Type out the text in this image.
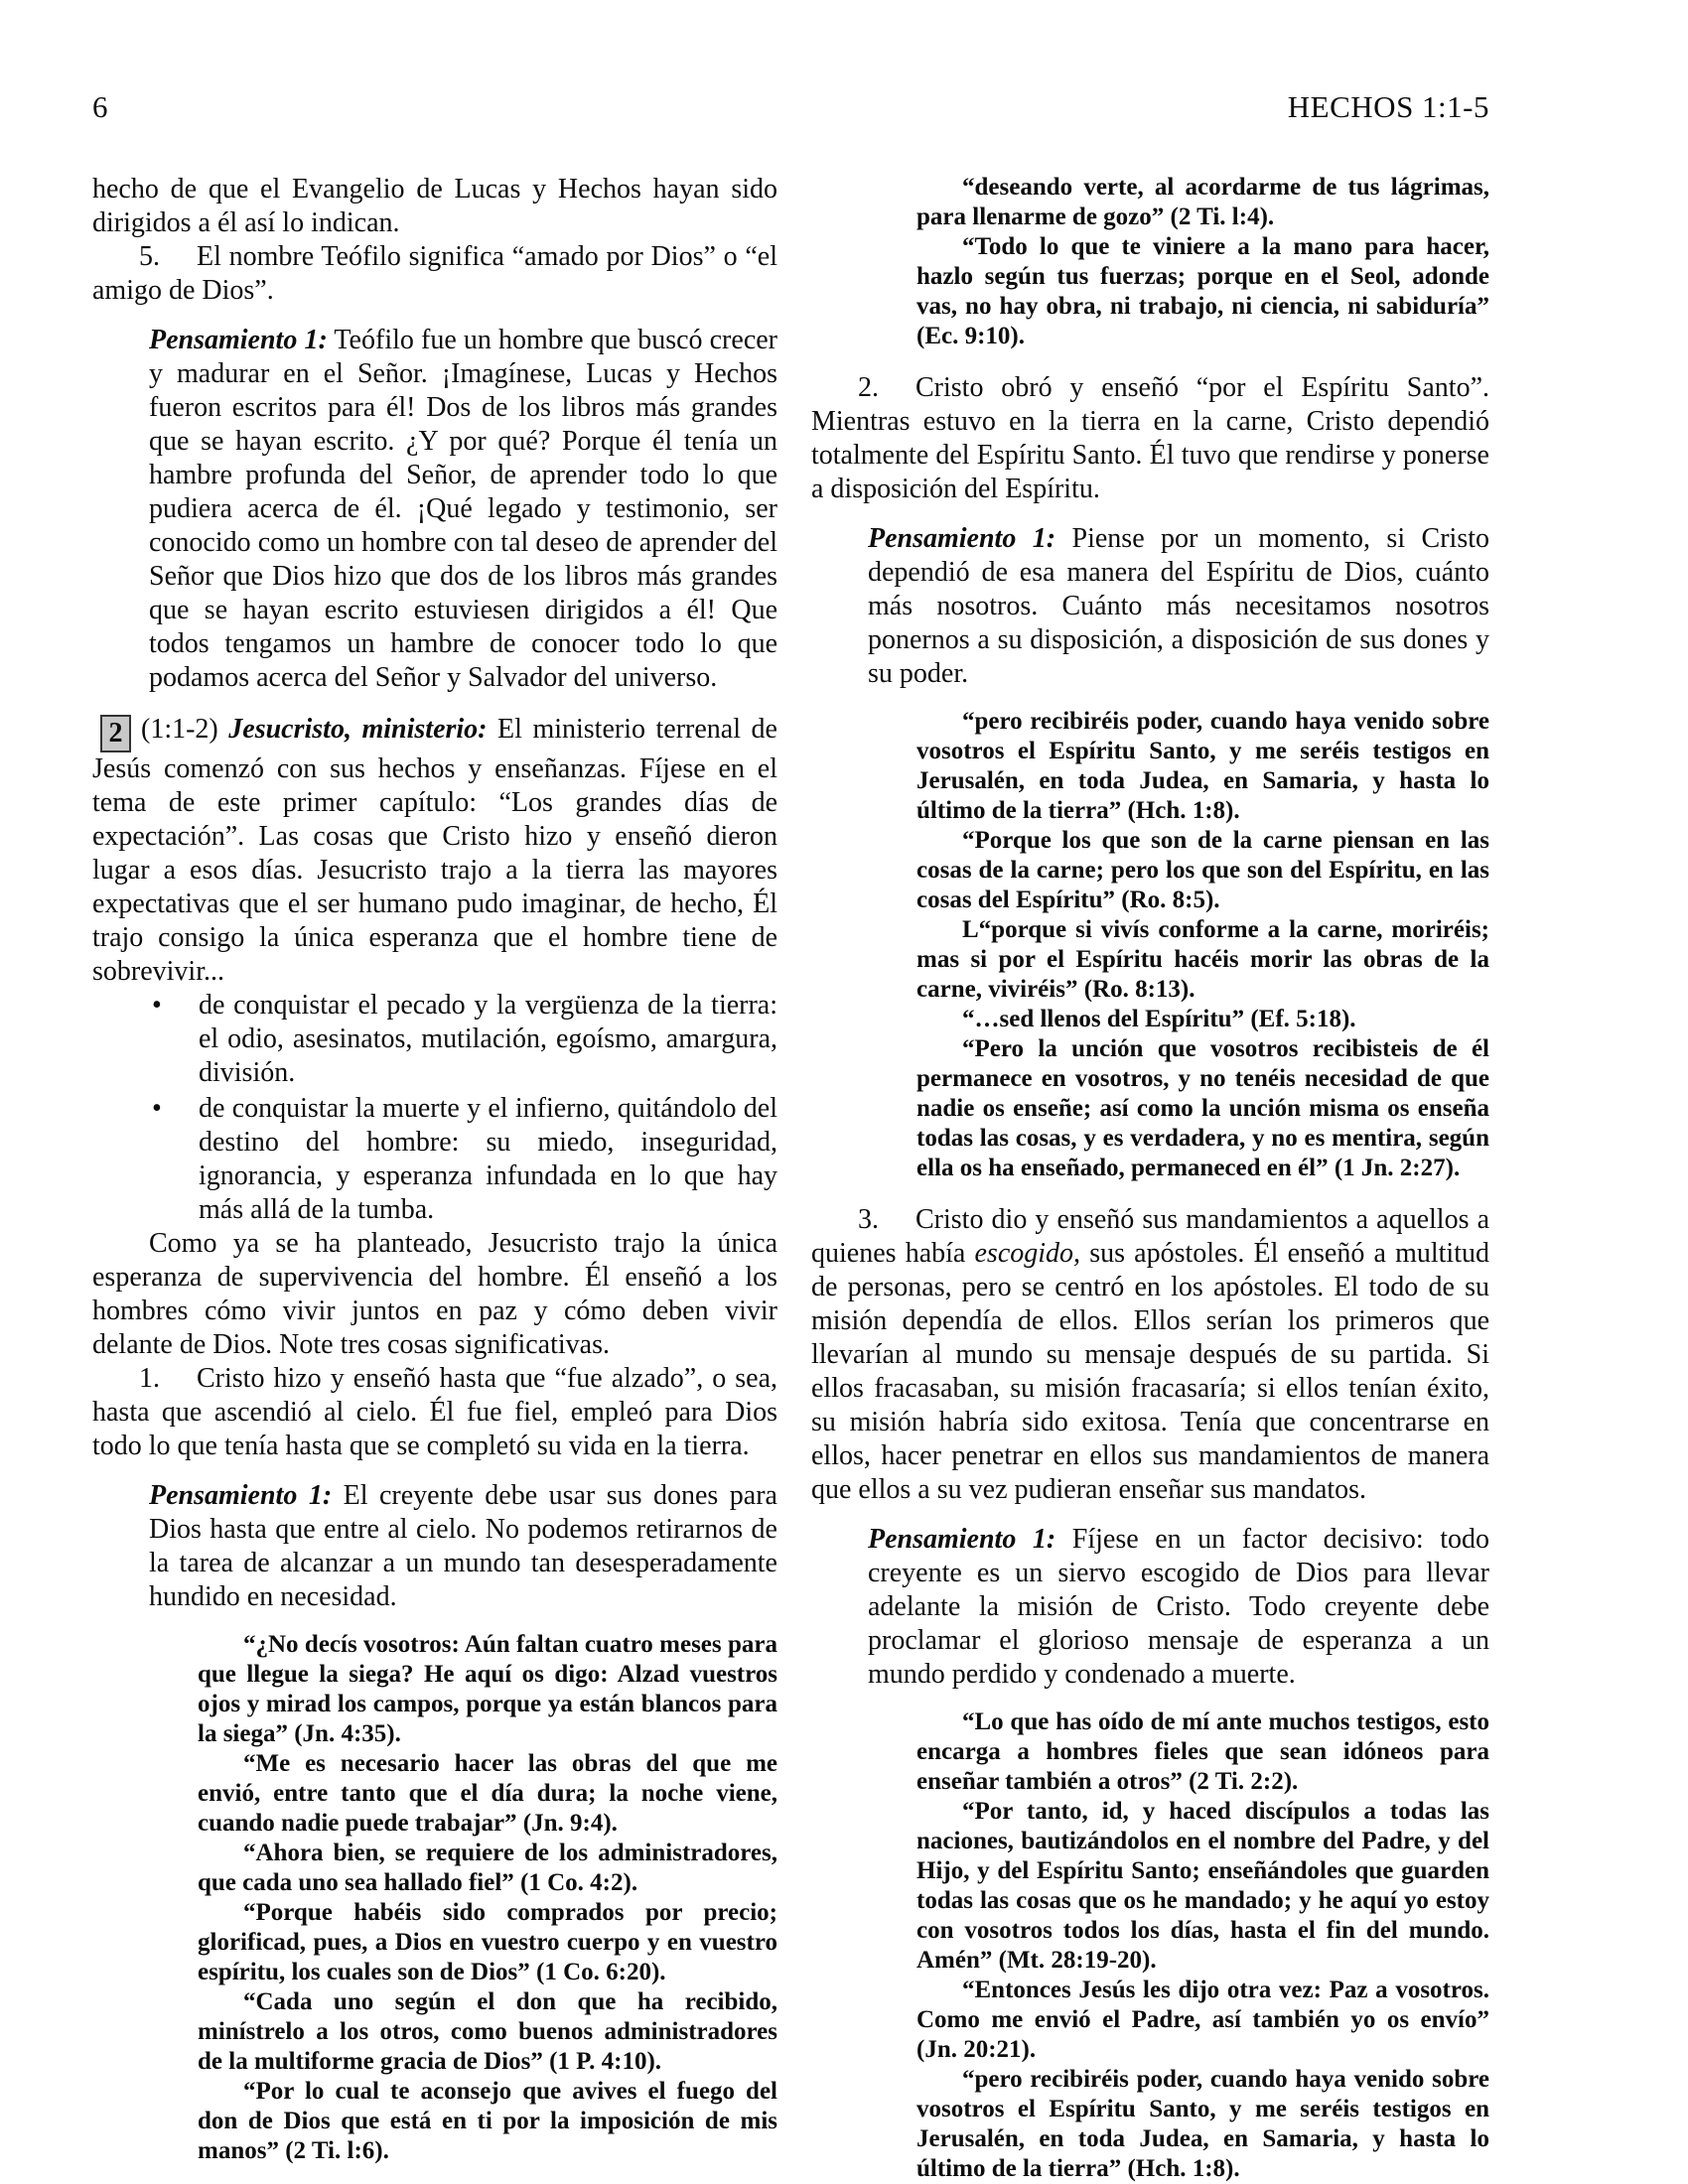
6	HECHOS 1:1-5
hecho de que el Evangelio de Lucas y Hechos hayan sido dirigidos a él así lo indican.
5. El nombre Teófilo significa “amado por Dios” o “el amigo de Dios”.
Pensamiento 1: Teófilo fue un hombre que buscó crecer y madurar en el Señor. ¡Imagínese, Lucas y Hechos fueron escritos para él! Dos de los libros más grandes que se hayan escrito. ¿Y por qué? Porque él tenía un hambre profunda del Señor, de aprender todo lo que pudiera acerca de él. ¡Qué legado y testimonio, ser conocido como un hombre con tal deseo de aprender del Señor que Dios hizo que dos de los libros más grandes que se hayan escrito estuviesen dirigidos a él! Que todos tengamos un hambre de conocer todo lo que podamos acerca del Señor y Salvador del universo.
2 (1:1-2) Jesucristo, ministerio: El ministerio terrenal de Jesús comenzó con sus hechos y enseñanzas. Fíjese en el tema de este primer capítulo: “Los grandes días de expectación”. Las cosas que Cristo hizo y enseñó dieron lugar a esos días. Jesucristo trajo a la tierra las mayores expectativas que el ser humano pudo imaginar, de hecho, Él trajo consigo la única esperanza que el hombre tiene de sobrevivir...
• de conquistar el pecado y la vergüenza de la tierra: el odio, asesinatos, mutilación, egoísmo, amargura, división.
• de conquistar la muerte y el infierno, quitándolo del destino del hombre: su miedo, inseguridad, ignorancia, y esperanza infundada en lo que hay más allá de la tumba.
Como ya se ha planteado, Jesucristo trajo la única esperanza de supervivencia del hombre. Él enseñó a los hombres cómo vivir juntos en paz y cómo deben vivir delante de Dios. Note tres cosas significativas.
1. Cristo hizo y enseñó hasta que “fue alzado”, o sea, hasta que ascendió al cielo. Él fue fiel, empleó para Dios todo lo que tenía hasta que se completó su vida en la tierra.
Pensamiento 1: El creyente debe usar sus dones para Dios hasta que entre al cielo. No podemos retirarnos de la tarea de alcanzar a un mundo tan desesperadamente hundido en necesidad.
“¿No decís vosotros: Aún faltan cuatro meses para que llegue la siega? He aquí os digo: Alzad vuestros ojos y mirad los campos, porque ya están blancos para la siega” (Jn. 4:35).
“Me es necesario hacer las obras del que me envió, entre tanto que el día dura; la noche viene, cuando nadie puede trabajar” (Jn. 9:4).
“Ahora bien, se requiere de los administradores, que cada uno sea hallado fiel” (1 Co. 4:2).
“Porque habéis sido comprados por precio; glorificad, pues, a Dios en vuestro cuerpo y en vuestro espíritu, los cuales son de Dios” (1 Co. 6:20).
“Cada uno según el don que ha recibido, minístrelo a los otros, como buenos administradores de la multiforme gracia de Dios” (1 P. 4:10).
“Por lo cual te aconsejo que avives el fuego del don de Dios que está en ti por la imposición de mis manos” (2 Ti. l:6).
“deseando verte, al acordarme de tus lágrimas, para llenarme de gozo” (2 Ti. l:4).
“Todo lo que te viniere a la mano para hacer, hazlo según tus fuerzas; porque en el Seol, adonde vas, no hay obra, ni trabajo, ni ciencia, ni sabiduría” (Ec. 9:10).
2. Cristo obró y enseñó “por el Espíritu Santo”. Mientras estuvo en la tierra en la carne, Cristo dependió totalmente del Espíritu Santo. Él tuvo que rendirse y ponerse a disposición del Espíritu.
Pensamiento 1: Piense por un momento, si Cristo dependió de esa manera del Espíritu de Dios, cuánto más nosotros. Cuánto más necesitamos nosotros ponernos a su disposición, a disposición de sus dones y su poder.
“pero recibiréis poder, cuando haya venido sobre vosotros el Espíritu Santo, y me seréis testigos en Jerusalén, en toda Judea, en Samaria, y hasta lo último de la tierra” (Hch. 1:8).
“Porque los que son de la carne piensan en las cosas de la carne; pero los que son del Espíritu, en las cosas del Espíritu” (Ro. 8:5).
L“porque si vivís conforme a la carne, moriréis; mas si por el Espíritu hacéis morir las obras de la carne, viviréis” (Ro. 8:13).
“…sed llenos del Espíritu” (Ef. 5:18).
“Pero la unción que vosotros recibisteis de él permanece en vosotros, y no tenéis necesidad de que nadie os enseñe; así como la unción misma os enseña todas las cosas, y es verdadera, y no es mentira, según ella os ha enseñado, permaneced en él” (1 Jn. 2:27).
3. Cristo dio y enseñó sus mandamientos a aquellos a quienes había escogido, sus apóstoles. Él enseñó a multitud de personas, pero se centró en los apóstoles. El todo de su misión dependía de ellos. Ellos serían los primeros que llevarían al mundo su mensaje después de su partida. Si ellos fracasaban, su misión fracasaría; si ellos tenían éxito, su misión habría sido exitosa. Tenía que concentrarse en ellos, hacer penetrar en ellos sus mandamientos de manera que ellos a su vez pudieran enseñar sus mandatos.
Pensamiento 1: Fíjese en un factor decisivo: todo creyente es un siervo escogido de Dios para llevar adelante la misión de Cristo. Todo creyente debe proclamar el glorioso mensaje de esperanza a un mundo perdido y condenado a muerte.
“Lo que has oído de mí ante muchos testigos, esto encarga a hombres fieles que sean idóneos para enseñar también a otros” (2 Ti. 2:2).
“Por tanto, id, y haced discípulos a todas las naciones, bautizándolos en el nombre del Padre, y del Hijo, y del Espíritu Santo; enseñándoles que guarden todas las cosas que os he mandado; y he aquí yo estoy con vosotros todos los días, hasta el fin del mundo. Amén” (Mt. 28:19-20).
“Entonces Jesús les dijo otra vez: Paz a vosotros. Como me envió el Padre, así también yo os envío” (Jn. 20:21).
“pero recibiréis poder, cuando haya venido sobre vosotros el Espíritu Santo, y me seréis testigos en Jerusalén, en toda Judea, en Samaria, y hasta lo último de la tierra” (Hch. 1:8).
